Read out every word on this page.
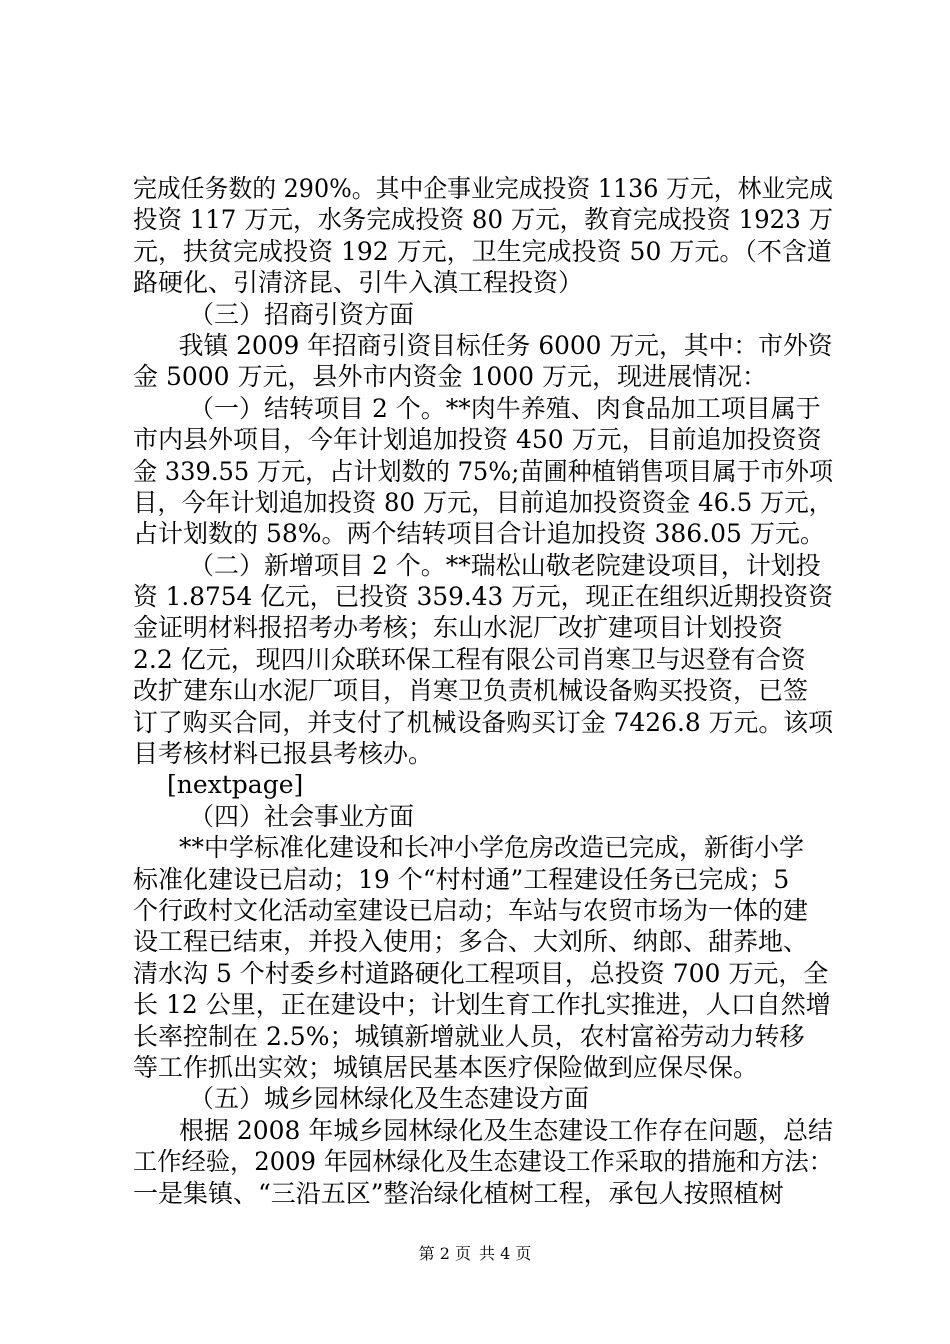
完成任务数的 290%。其中企事业完成投资 1136 万元，林业完成
投资 117 万元，水务完成投资 80 万元，教育完成投资 1923 万
元，扶贫完成投资 192 万元，卫生完成投资 50 万元。（不含道
路硬化、引清济昆、引牛入滇工程投资）
（三）招商引资方面
我镇 2009 年招商引资目标任务 6000 万元，其中：市外资
金 5000 万元，县外市内资金 1000 万元，现进展情况：
（一）结转项目 2 个。**肉牛养殖、肉食品加工项目属于
市内县外项目，今年计划追加投资 450 万元，目前追加投资资
金 339.55 万元，占计划数的 75%;苗圃种植销售项目属于市外项
目，今年计划追加投资 80 万元，目前追加投资资金 46.5 万元，
占计划数的 58%。两个结转项目合计追加投资 386.05 万元。
（二）新增项目 2 个。**瑞松山敬老院建设项目，计划投
资 1.8754 亿元，已投资 359.43 万元，现正在组织近期投资资
金证明材料报招考办考核；东山水泥厂改扩建项目计划投资
2.2 亿元，现四川众联环保工程有限公司肖寒卫与迟登有合资
改扩建东山水泥厂项目，肖寒卫负责机械设备购买投资，已签
订了购买合同，并支付了机械设备购买订金 7426.8 万元。该项
目考核材料已报县考核办。
[nextpage]
（四）社会事业方面
**中学标准化建设和长冲小学危房改造已完成，新街小学
标准化建设已启动；19 个“村村通”工程建设任务已完成；5
个行政村文化活动室建设已启动；车站与农贸市场为一体的建
设工程已结束，并投入使用；多合、大刘所、纳郎、甜荞地、
清水沟 5 个村委乡村道路硬化工程项目，总投资 700 万元，全
长 12 公里，正在建设中；计划生育工作扎实推进，人口自然增
长率控制在 2.5%；城镇新增就业人员，农村富裕劳动力转移
等工作抓出实效；城镇居民基本医疗保险做到应保尽保。
（五）城乡园林绿化及生态建设方面
根据 2008 年城乡园林绿化及生态建设工作存在问题，总结
工作经验，2009 年园林绿化及生态建设工作采取的措施和方法：
一是集镇、“三沿五区”整治绿化植树工程，承包人按照植树
第 2 页 共 4 页
